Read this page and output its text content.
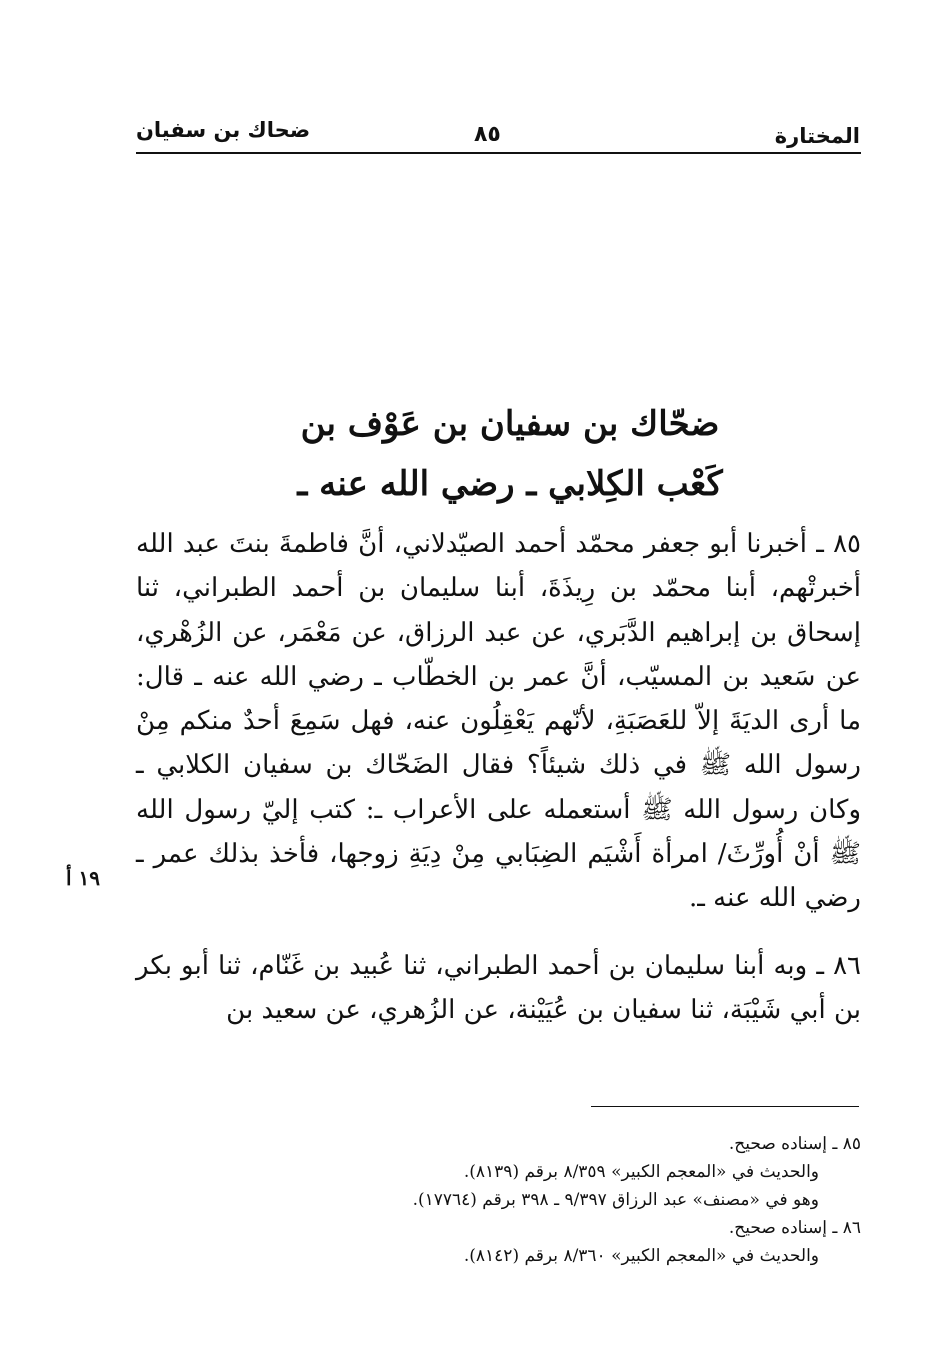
المختارة
٨٥
ضحاك بن سفيان
ضحّاك بن سفيان بن عَوْف بن
كَعْب الكِلابي ـ رضي الله عنه ـ

٨٥ ـ أخبرنا أبو جعفر محمّد أحمد الصيّدلاني، أنَّ فاطمةَ بنتَ عبد الله أخبرتْهم، أبنا محمّد بن رِيذَةَ، أبنا سليمان بن أحمد الطبراني، ثنا إسحاق بن إبراهيم الدَّبَري، عن عبد الرزاق، عن مَعْمَر، عن الزُهْري، عن سَعيد بن المسيّب، أنَّ عمر بن الخطّاب ـ رضي الله عنه ـ قال: ما أرى الديَةَ إلاّ للعَصَبَةِ، لأنّهم يَعْقِلُون عنه، فهل سَمِعَ أحدٌ منكم مِنْ رسول الله ﷺ في ذلك شيئاً؟ فقال الضَحّاك بن سفيان الكلابي ـ وكان رسول الله ﷺ أستعمله على الأعراب ـ: كتب إليّ رسول الله ﷺ أنْ أُورِّثَ/ امرأة أَشْيَم الضِبَابي مِنْ دِيَةِ زوجها، فأخذ بذلك عمر ـ رضي الله عنه ـ.

٨٦ ـ وبه أبنا سليمان بن أحمد الطبراني، ثنا عُبيد بن غَنّام، ثنا أبو بكر بن أبي شَيْبَة، ثنا سفيان بن عُيَيْنة، عن الزُهري، عن سعيد بن

١٩ أ

٨٥ ـ إسناده صحيح.

والحديث في «المعجم الكبير» ٨/٣٥٩ برقم (٨١٣٩).

وهو في «مصنف» عبد الرزاق ٩/٣٩٧ ـ ٣٩٨ برقم (١٧٧٦٤).

٨٦ ـ إسناده صحيح.

والحديث في «المعجم الكبير» ٨/٣٦٠ برقم (٨١٤٢).
